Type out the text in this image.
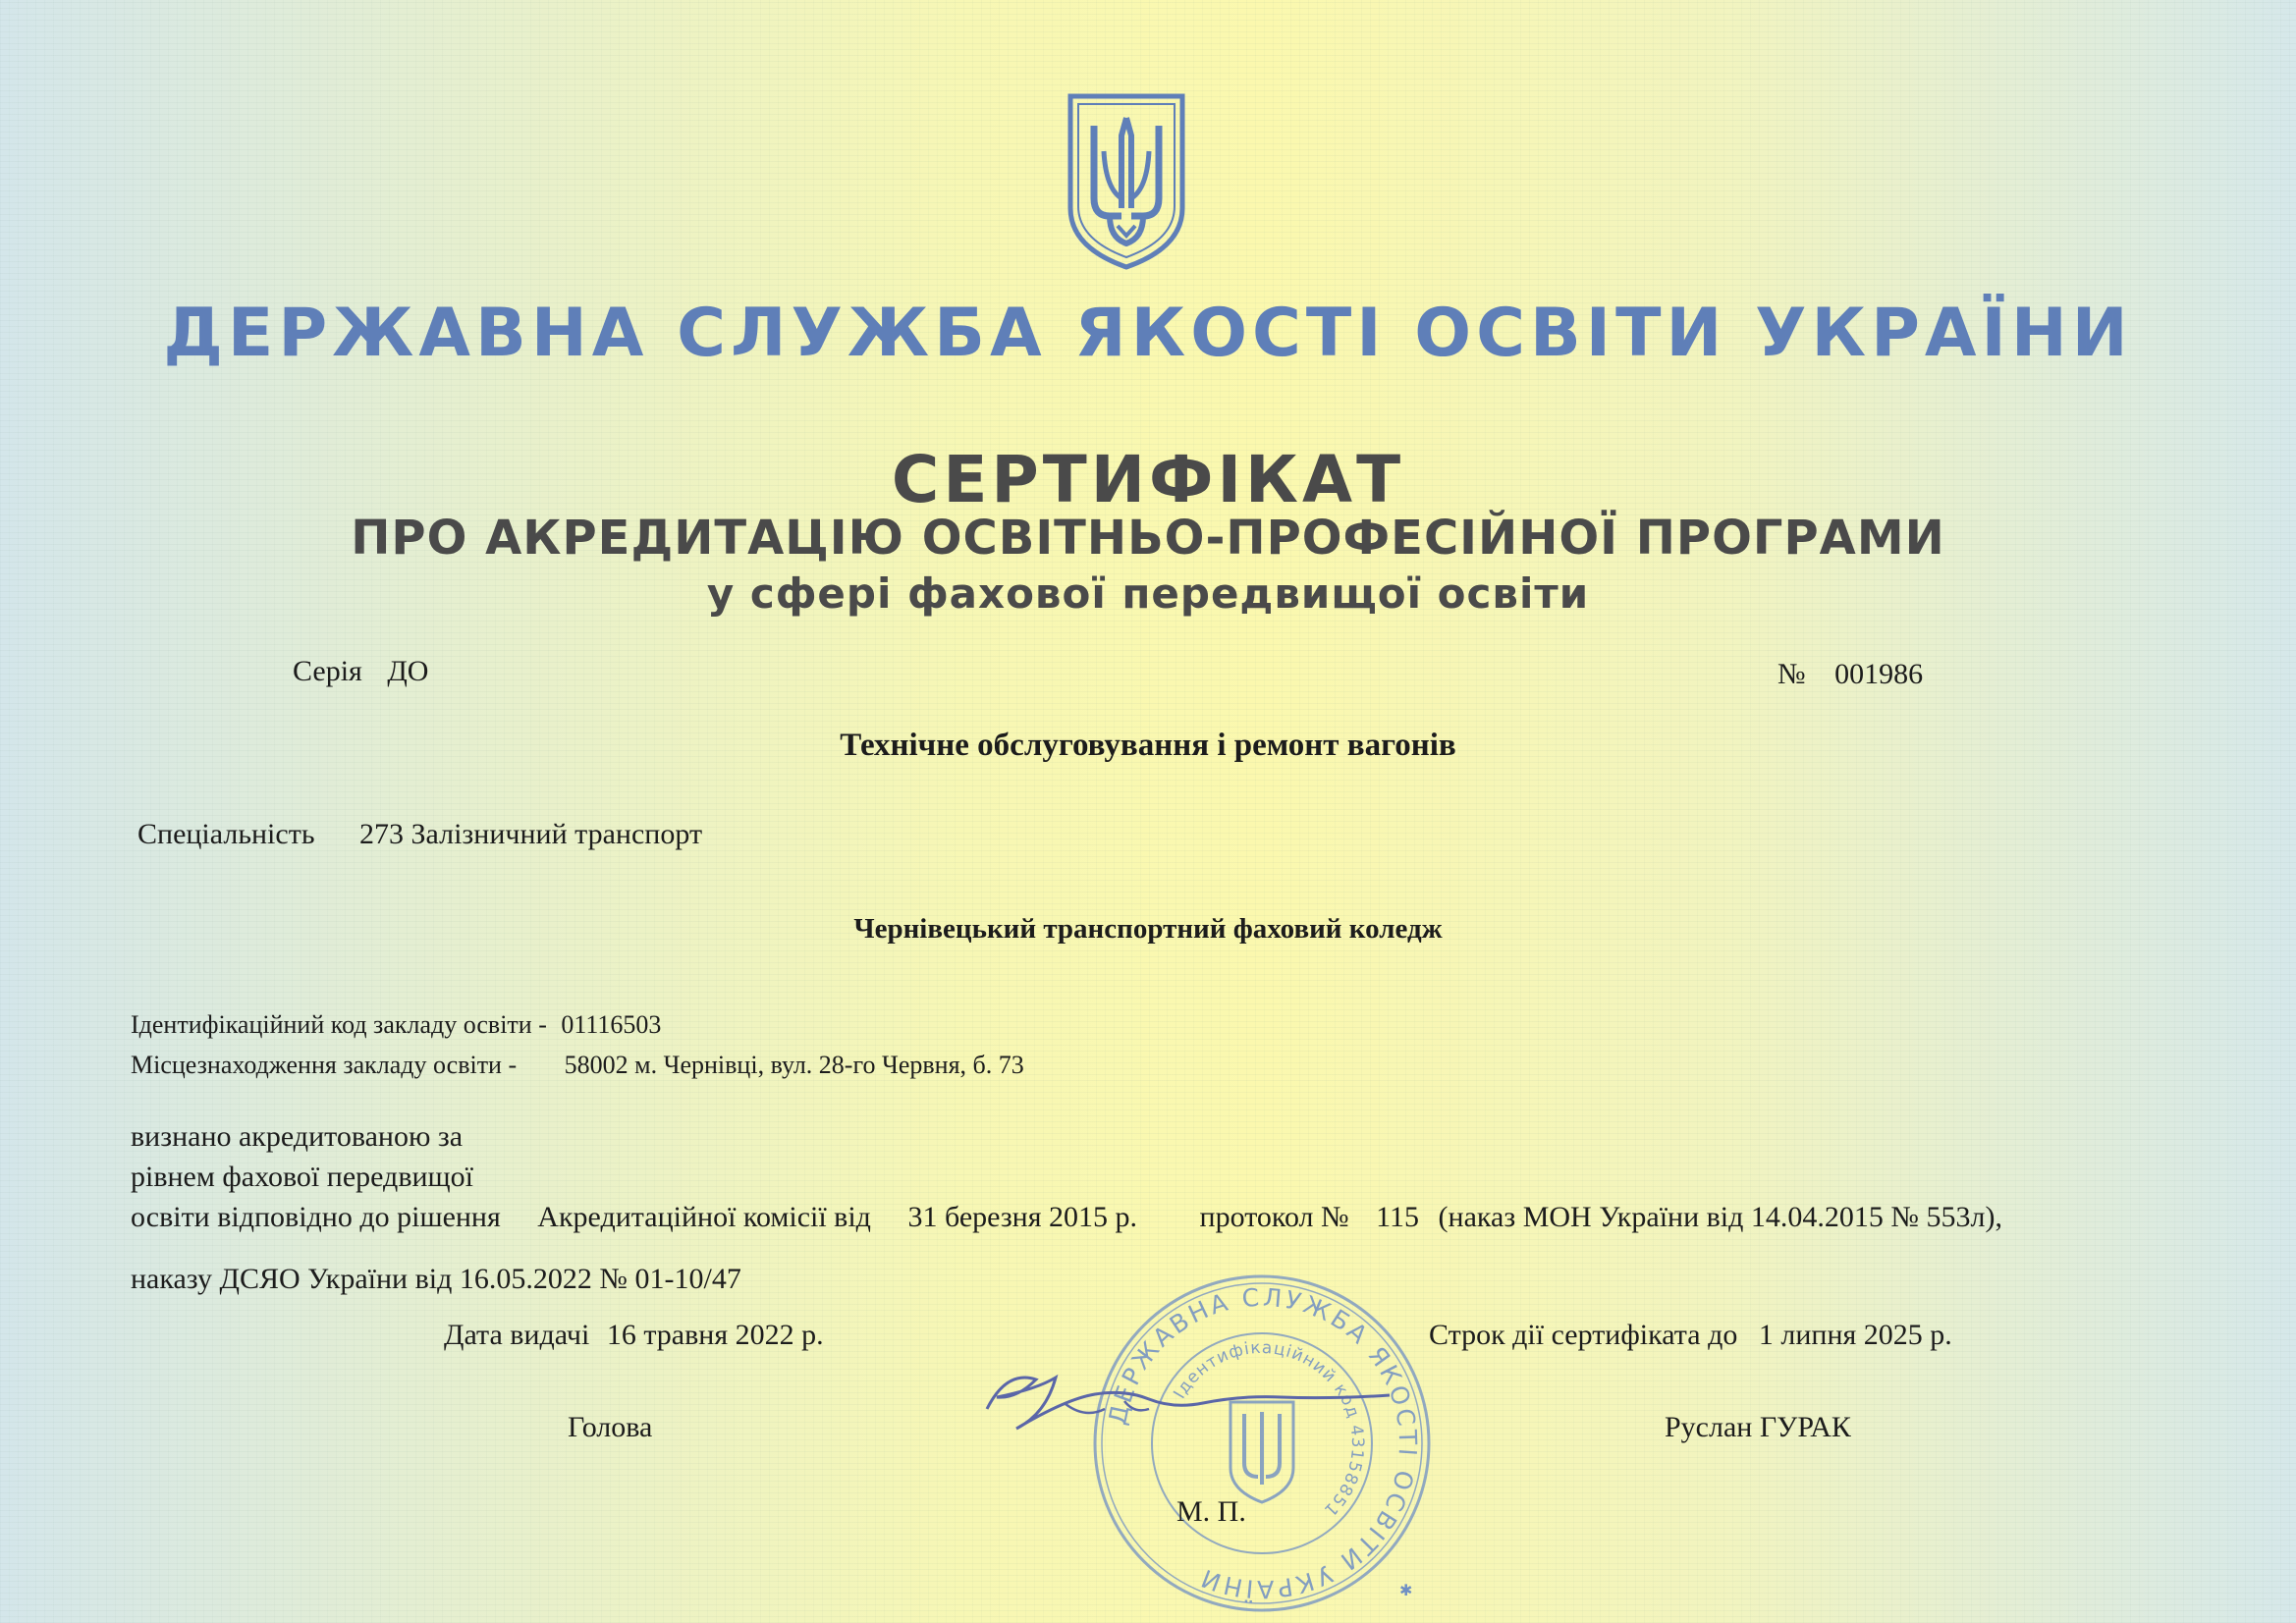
ДЕРЖАВНА СЛУЖБА ЯКОСТІ ОСВІТИ УКРАЇНИ
СЕРТИФІКАТ
ПРО АКРЕДИТАЦІЮ ОСВІТНЬО-ПРОФЕСІЙНОЇ ПРОГРАМИ
у сфері фахової передвищої освіти
Серія ДО	№ 001986
Технічне обслуговування і ремонт вагонів
Спеціальність 273 Залізничний транспорт
Чернівецький транспортний фаховий коледж
Ідентифікаційний код закладу освіти - 01116503
Місцезнаходження закладу освіти - 58002 м. Чернівці, вул. 28-го Червня, б. 73
визнано акредитованою за
рівнем фахової передвищої
освіти відповідно до рішення Акредитаційної комісії від 31 березня 2015 р. протокол № 115 (наказ МОН України від 14.04.2015 № 553л),
наказу ДСЯО України від 16.05.2022 № 01-10/47
Дата видачі 16 травня 2022 р.	Строк дії сертифіката до 1 липня 2025 р.
ДЕРЖАВНА СЛУЖБА ЯКОСТІ ОСВІТИ УКРАЇНИ
Ідентифікаційний код 43158851
✱
Голова	Руслан ГУРАК
М. П.
